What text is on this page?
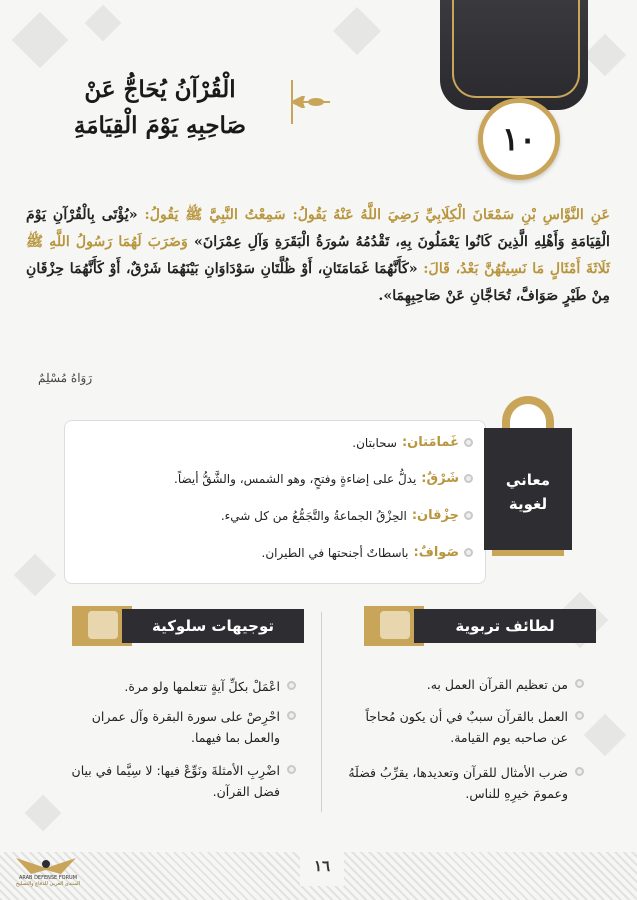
١٠
الْقُرْآنُ يُحَاجُّ عَنْ
صَاحِبِهِ يَوْمَ الْقِيَامَةِ
عَنِ النَّوَّاسِ بْنِ سَمْعَانَ الْكِلَابِيِّ رَضِيَ اللَّهُ عَنْهُ يَقُولُ: سَمِعْتُ النَّبِيَّ ﷺ يَقُولُ: «يُؤْتَى بِالْقُرْآنِ يَوْمَ الْقِيَامَةِ وَأَهْلِهِ الَّذِينَ كَانُوا يَعْمَلُونَ بِهِ، تَقْدُمُهُ سُورَةُ الْبَقَرَةِ وَآلِ عِمْرَانَ» وَضَرَبَ لَهُمَا رَسُولُ اللَّهِ ﷺ ثَلَاثَةَ أَمْثَالٍ مَا نَسِيتُهُنَّ بَعْدُ، قَالَ: «كَأَنَّهُمَا غَمَامَتَانِ، أَوْ ظُلَّتَانِ سَوْدَاوَانِ بَيْنَهُمَا شَرْقٌ، أَوْ كَأَنَّهُمَا حِزْقَانِ مِنْ طَيْرٍ صَوَافَّ، تُحَاجَّانِ عَنْ صَاحِبِهِمَا».
رَوَاهُ مُسْلِمٌ
غَمامَتان:
سحابتان.
شَرْقٌ:
يدلُّ على إضاءةٍ وفتحٍ، وهو الشمس، والشَّقُّ أيضاً.
حِزْقان:
الحِزْقُ الجماعةُ والتَّجَمُّعُ من كل شيء.
صَوافٌ:
باسطاتٌ أجنحتها في الطيران.
معاني
لغوية
لطائف تربوية
من تعظيم القرآن العمل به.
العمل بالقرآن سببٌ في أن يكون مُحاجاً عن صاحبه يوم القيامة.
ضرب الأمثال للقرآن وتعديدها، يقرِّبُ فضلَهُ وعمومَ خيرِهِ للناس.
توجيهات سلوكية
اعْمَلْ بكلِّ آيةٍ تتعلمها ولو مرة.
احْرِصْ على سورة البقرة وآل عمران والعمل بما فيهما.
اضْرِبِ الأمثلةَ ونَوِّعْ فيها: لا سِيَّما في بيان فضل القرآن.
١٦
ARAB DEFENSE FORUM
المنتدى العربي للدفاع والتسليح
